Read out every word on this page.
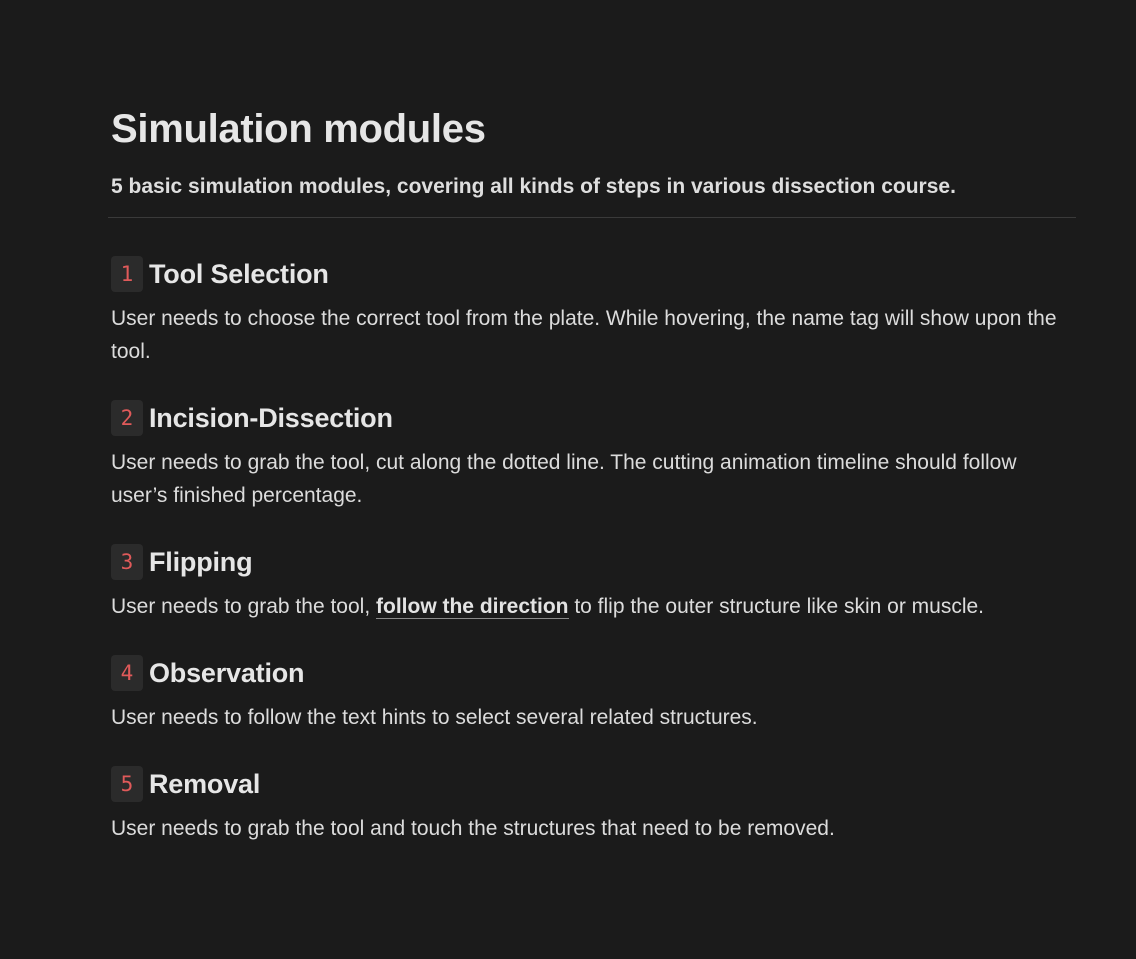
Simulation modules

5 basic simulation modules, covering all kinds of steps in various dissection course.

1 Tool Selection

User needs to choose the correct tool from the plate. While hovering, the name tag will show upon the tool.

2 Incision-Dissection

User needs to grab the tool, cut along the dotted line. The cutting animation timeline should follow user’s finished percentage.

3 Flipping

User needs to grab the tool, follow the direction to flip the outer structure like skin or muscle.

4 Observation

User needs to follow the text hints to select several related structures.

5 Removal

User needs to grab the tool and touch the structures that need to be removed.
